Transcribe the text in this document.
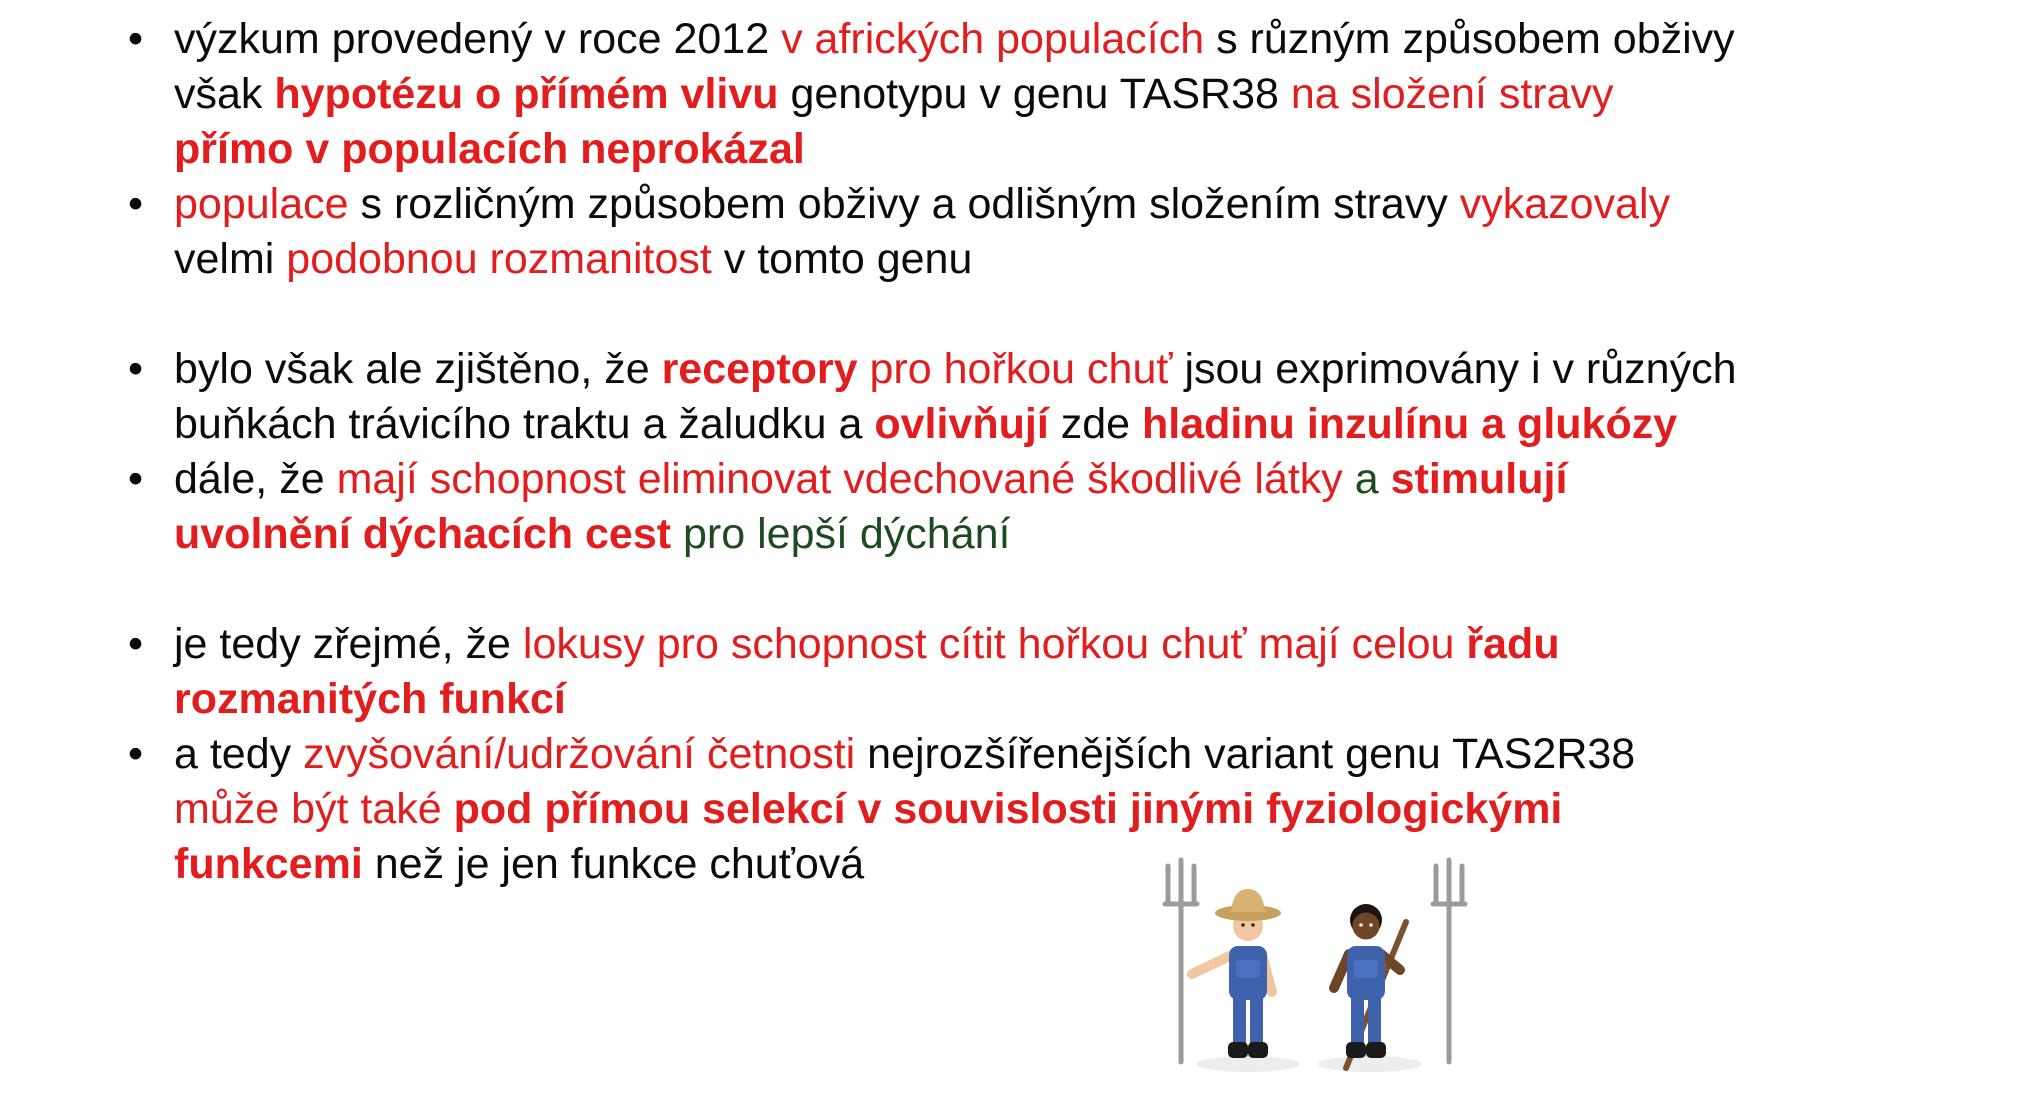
• výzkum provedený v roce 2012 v afrických populacích s různým způsobem obživy
však hypotézu o přímém vlivu genotypu v genu TASR38 na složení stravy
přímo v populacích neprokázal
• populace s rozličným způsobem obživy a odlišným složením stravy vykazovaly
velmi podobnou rozmanitost v tomto genu
• bylo však ale zjištěno, že receptory pro hořkou chuť jsou exprimovány i v různých
buňkách trávicího traktu a žaludku a ovlivňují zde hladinu inzulínu a glukózy
• dále, že mají schopnost eliminovat vdechované škodlivé látky a stimulují
uvolnění dýchacích cest pro lepší dýchání
• je tedy zřejmé, že lokusy pro schopnost cítit hořkou chuť mají celou řadu
rozmanitých funkcí
• a tedy zvyšování/udržování četnosti nejrozšířenějších variant genu TAS2R38
může být také pod přímou selekcí v souvislosti jinými fyziologickými
funkcemi než je jen funkce chuťová
